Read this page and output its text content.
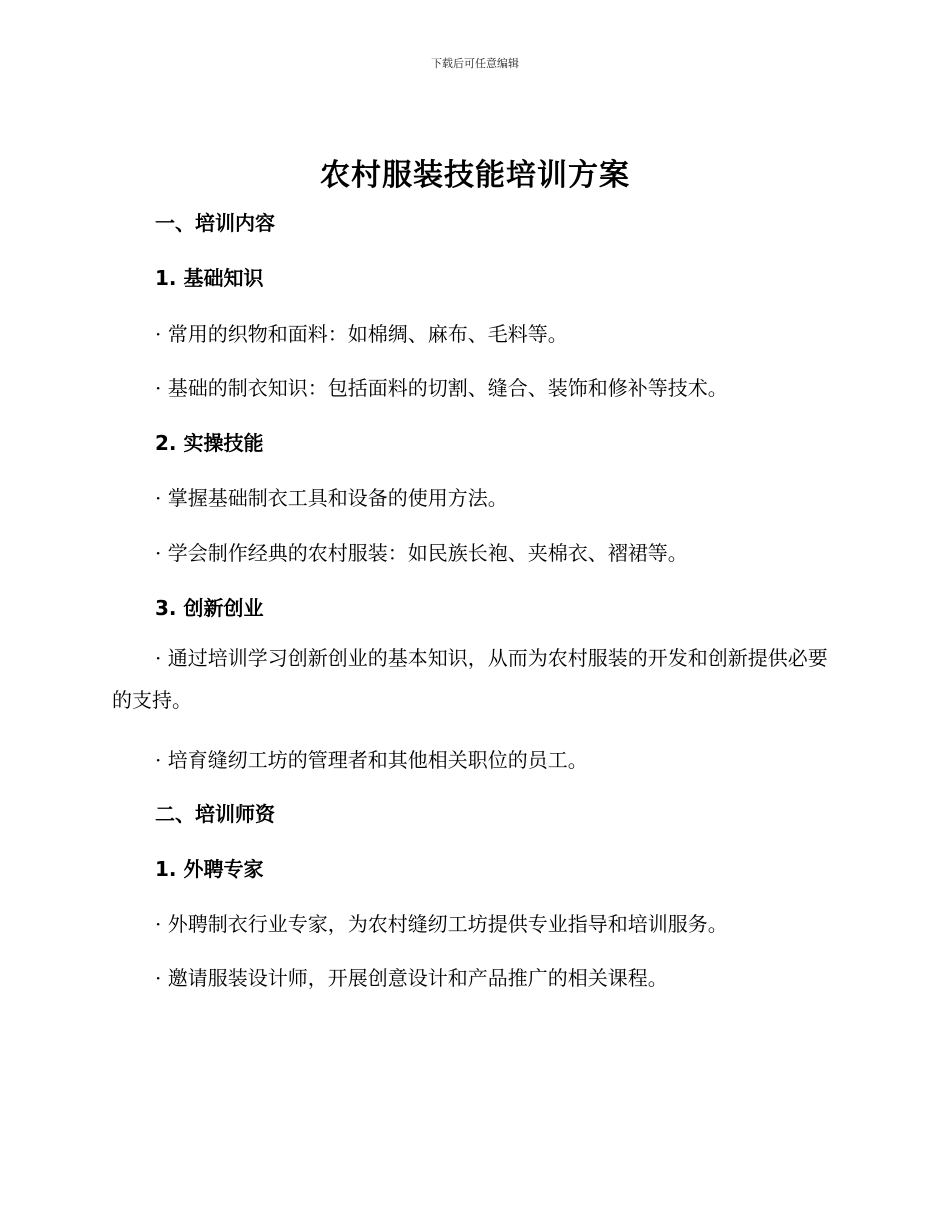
下载后可任意编辑
农村服装技能培训方案
一、培训内容
1. 基础知识
· 常用的织物和面料：如棉绸、麻布、毛料等。
· 基础的制衣知识：包括面料的切割、缝合、装饰和修补等技术。
2. 实操技能
· 掌握基础制衣工具和设备的使用方法。
· 学会制作经典的农村服装：如民族长袍、夹棉衣、褶裙等。
3. 创新创业
· 通过培训学习创新创业的基本知识，从而为农村服装的开发和创新提供必要的支持。
· 培育缝纫工坊的管理者和其他相关职位的员工。
二、培训师资
1. 外聘专家
· 外聘制衣行业专家，为农村缝纫工坊提供专业指导和培训服务。
· 邀请服装设计师，开展创意设计和产品推广的相关课程。
